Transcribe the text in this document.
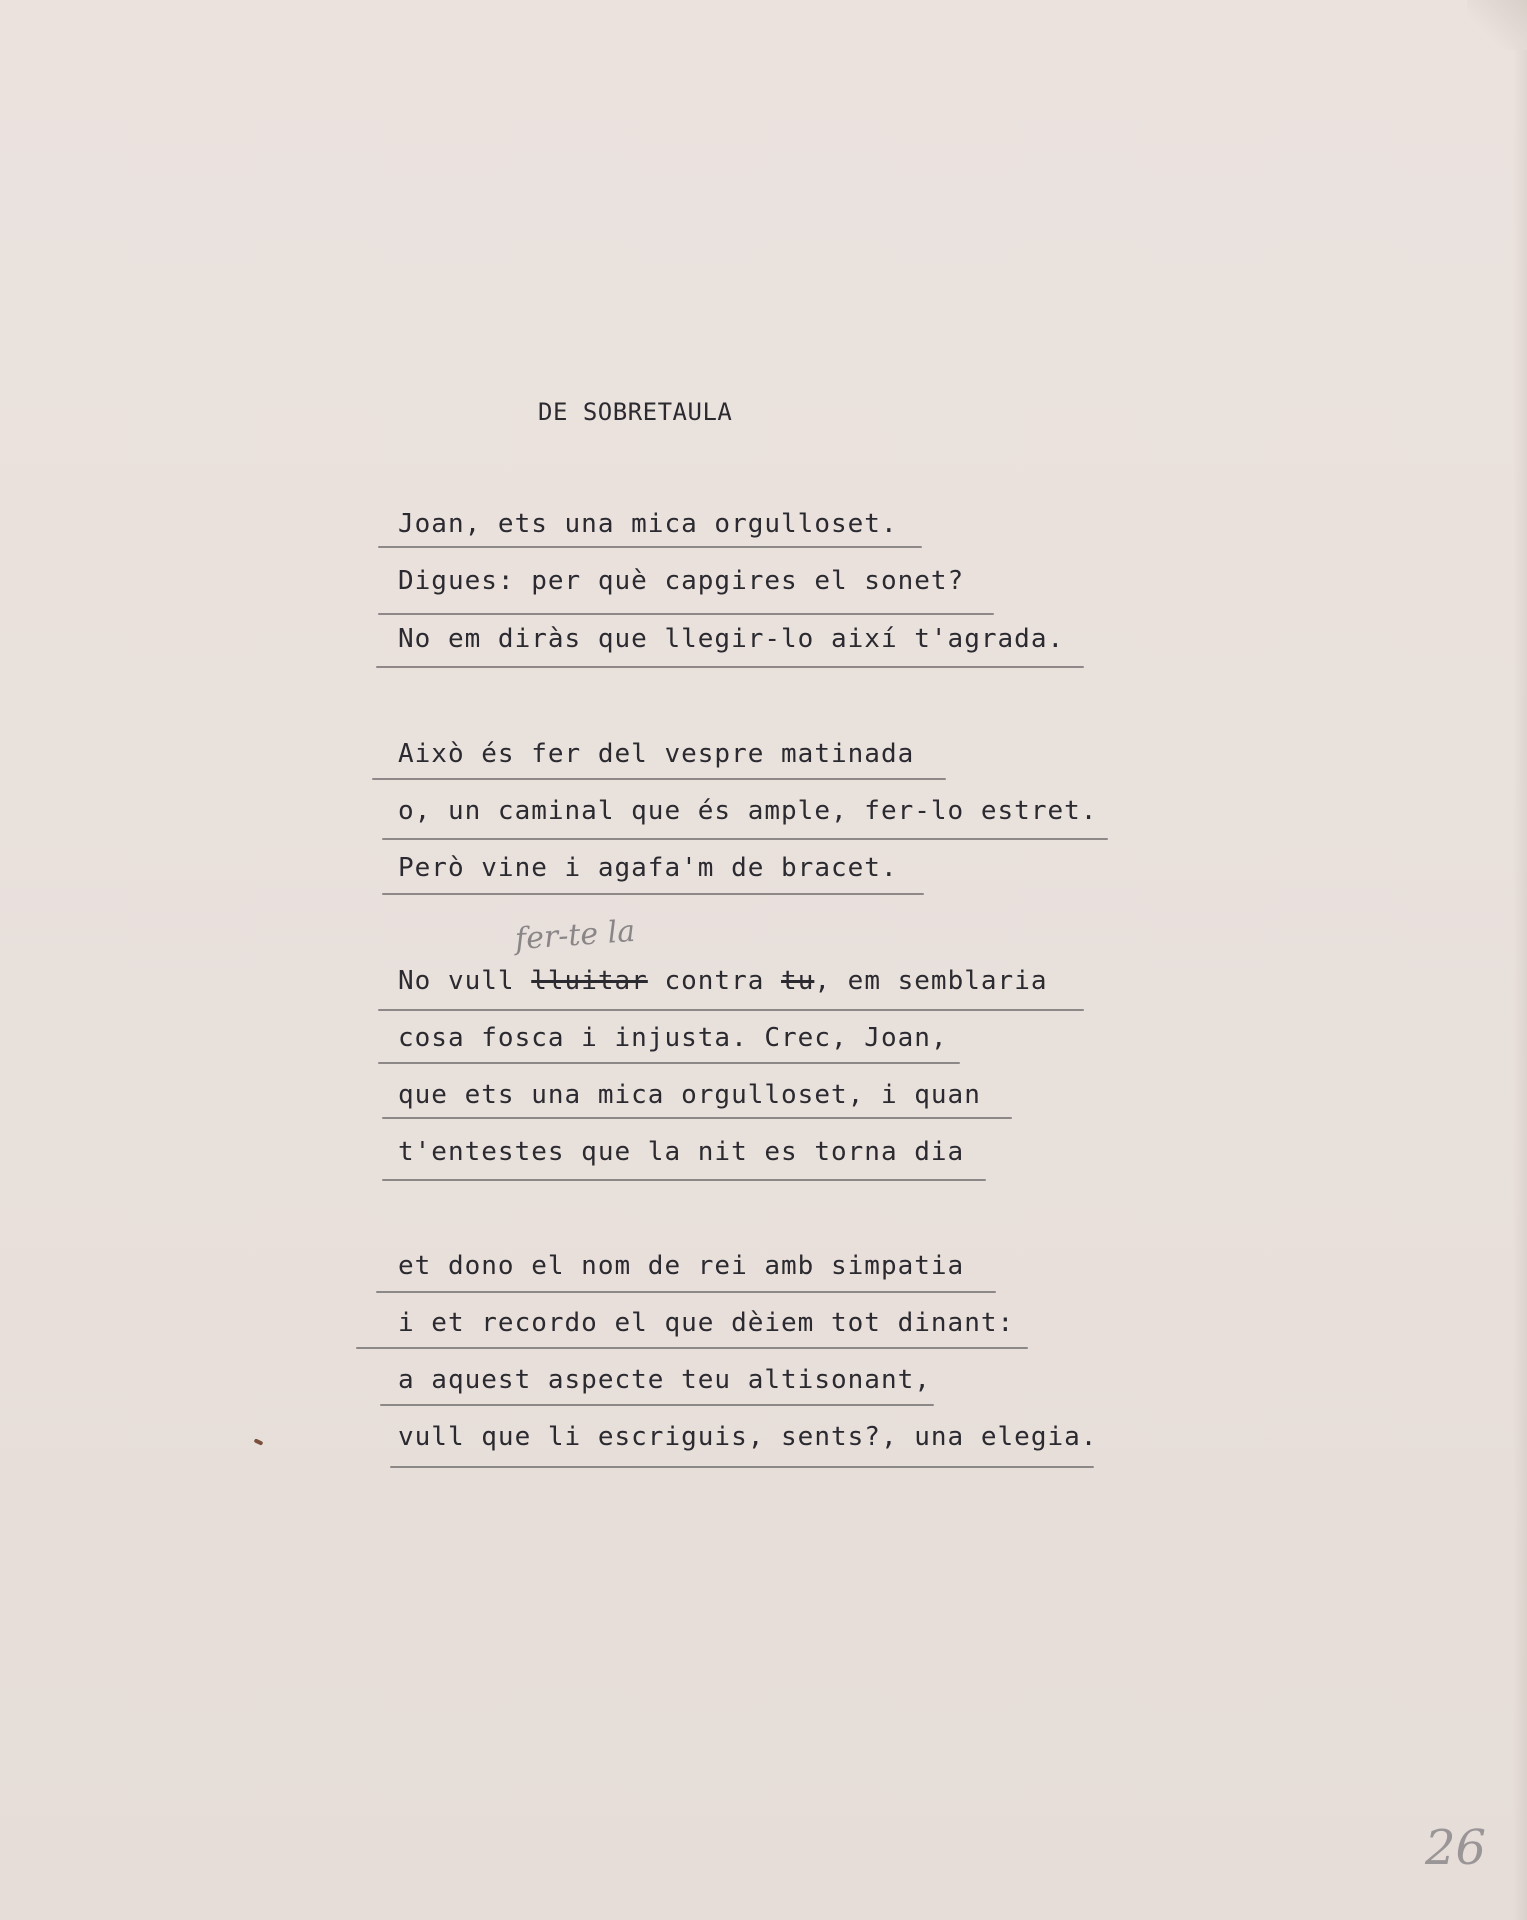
DE SOBRETAULA
Joan, ets una mica orgulloset.
Digues: per què capgires el sonet?
No em diràs que llegir-lo així t'agrada.
Això és fer del vespre matinada
o, un caminal que és ample, fer-lo estret.
Però vine i agafa'm de bracet.
fer-te la
No vull lluitar contra tu, em semblaria
cosa fosca i injusta. Crec, Joan,
que ets una mica orgulloset, i quan
t'entestes que la nit es torna dia
et dono el nom de rei amb simpatia
i et recordo el que dèiem tot dinant:
a aquest aspecte teu altisonant,
vull que li escriguis, sents?, una elegia.
26
